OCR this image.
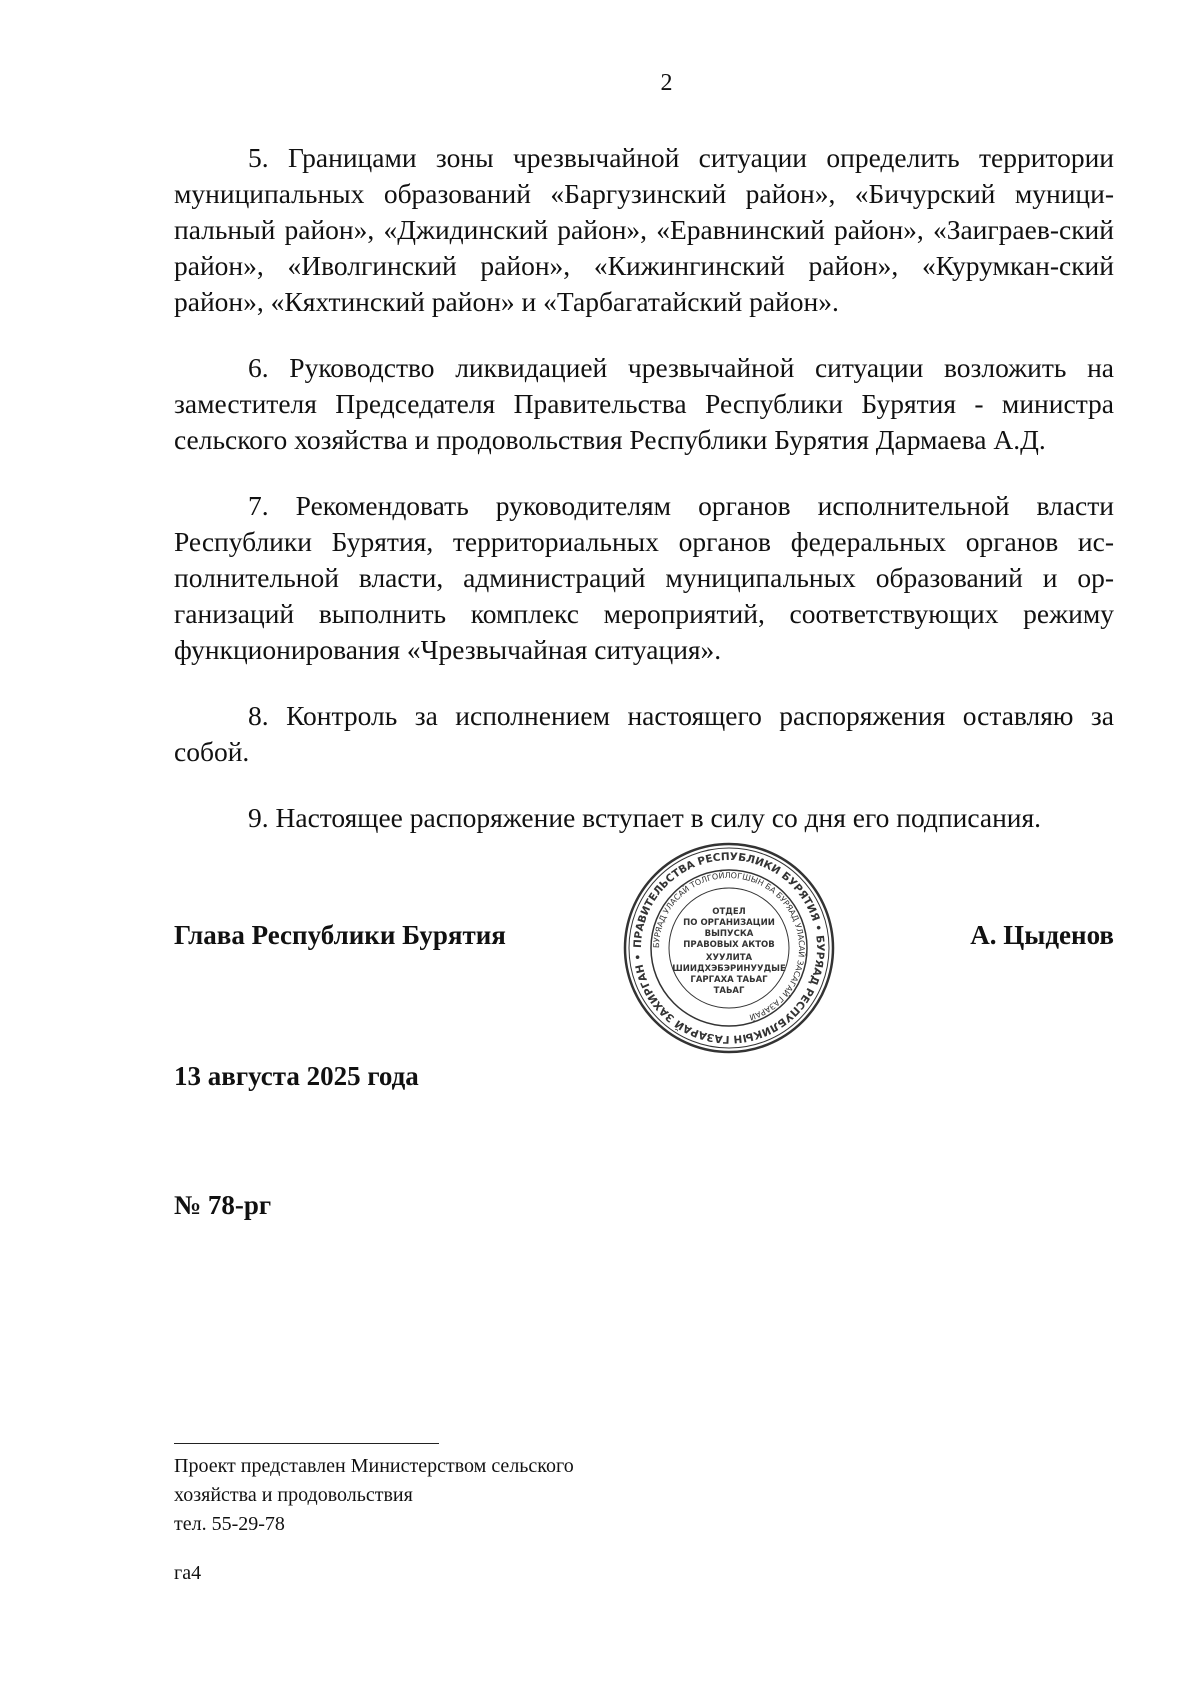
2

5. Границами зоны чрезвычайной ситуации определить территории муниципальных образований «Баргузинский район», «Бичурский муници-пальный район», «Джидинский район», «Еравнинский район», «Заиграев-ский район», «Иволгинский район», «Кижингинский район», «Курумкан-ский район», «Кяхтинский район» и «Тарбагатайский район».

6. Руководство ликвидацией чрезвычайной ситуации возложить на заместителя Председателя Правительства Республики Бурятия - министра сельского хозяйства и продовольствия Республики Бурятия Дармаева А.Д.

7. Рекомендовать руководителям органов исполнительной власти Республики Бурятия, территориальных органов федеральных органов ис-полнительной власти, администраций муниципальных образований и ор-ганизаций выполнить комплекс мероприятий, соответствующих режиму функционирования «Чрезвычайная ситуация».

8. Контроль за исполнением настоящего распоряжения оставляю за собой.

9. Настоящее распоряжение вступает в силу со дня его подписания.

Глава Республики Бурятия	А. Цыденов
ПРАВИТЕЛЬСТВА РЕСПУБЛИКИ БУРЯТИЯ • БУРЯАД РЕСПУБЛИКЫН ГАЗАРАЙ ЗАХИРГАН •
БУРЯАД УЛАСАЙ ТОЛГОЙЛОГШЫН БА БУРЯАД УЛАСАЙ ЗАСАГАЙ ГАЗАРАЙ
ОТДЕЛ
ПО ОРГАНИЗАЦИИ
ВЫПУСКА
ПРАВОВЫХ АКТОВ
ХУУЛИТА
ШИИДХЭБЭРИНУУДЫЕ
ГАРГАХА ТАЬАГ
ТАЬАГ
13 августа 2025 года
№ 78-рг
Проект представлен Министерством сельского
хозяйства и продовольствия
тел. 55-29-78
га4
